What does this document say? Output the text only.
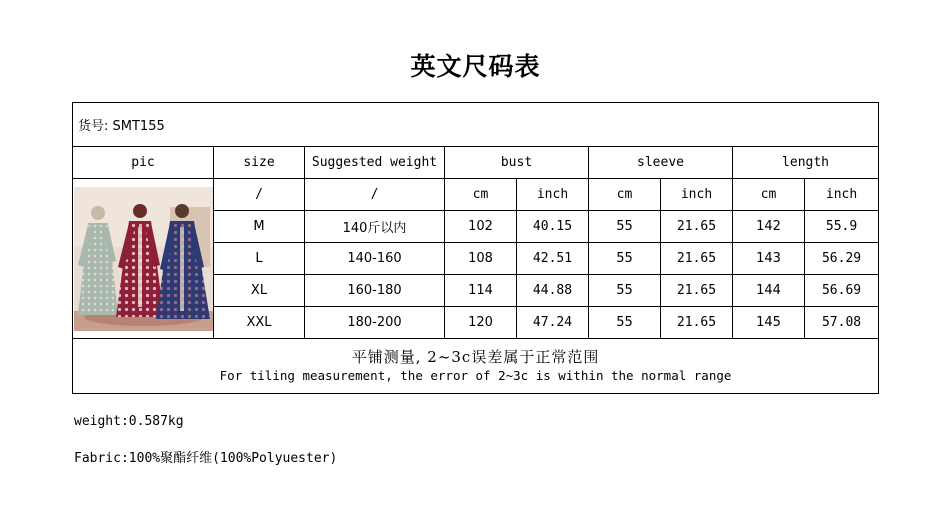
英文尺码表
货号: SMT155								
pic	size	Suggested weight	bust		sleeve		length	

	/	/	cm	inch	cm	inch	cm	inch
	M	140斤以内	102	40.15	55	21.65	142	55.9
	L	140-160	108	42.51	55	21.65	143	56.29
	XL	160-180	114	44.88	55	21.65	144	56.69
	XXL	180-200	120	47.24	55	21.65	145	57.08

平铺测量, 2~3c误差属于正常范围
For tiling measurement, the error of 2~3c is within the normal range								
weight:0.587kg
Fabric:100%聚酯纤维(100%Polyuester)
